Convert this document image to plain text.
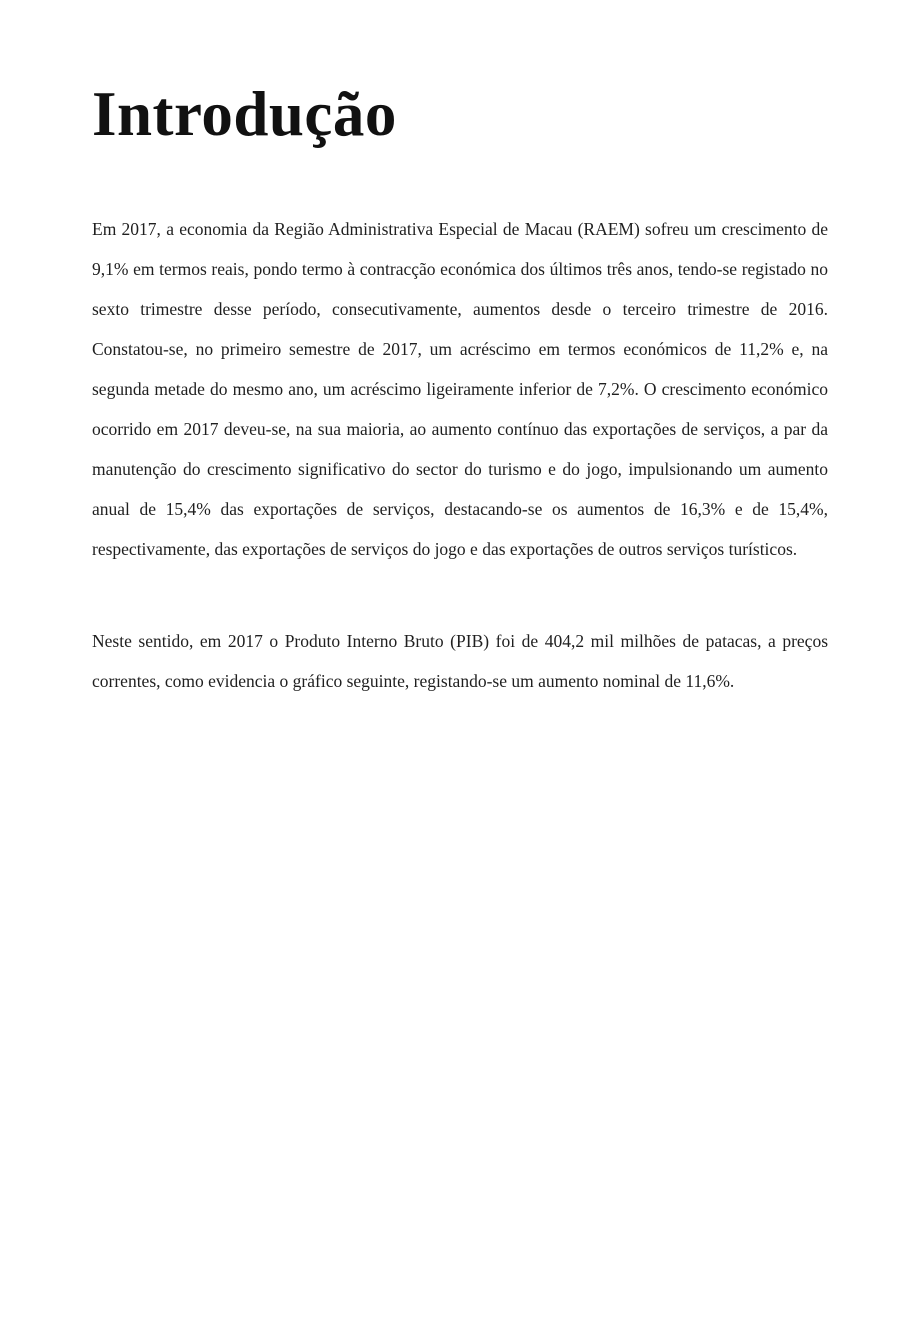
Introdução

Em 2017, a economia da Região Administrativa Especial de Macau (RAEM) sofreu um crescimento de 9,1% em termos reais, pondo termo à contracção económica dos últimos três anos, tendo-se registado no sexto trimestre desse período, consecutivamente, aumentos desde o terceiro trimestre de 2016. Constatou-se, no primeiro semestre de 2017, um acréscimo em termos económicos de 11,2% e, na segunda metade do mesmo ano, um acréscimo ligeiramente inferior de 7,2%. O crescimento económico ocorrido em 2017 deveu-se, na sua maioria, ao aumento contínuo das exportações de serviços, a par da manutenção do crescimento significativo do sector do turismo e do jogo, impulsionando um aumento anual de 15,4% das exportações de serviços, destacando-se os aumentos de 16,3% e de 15,4%, respectivamente, das exportações de serviços do jogo e das exportações de outros serviços turísticos.

Neste sentido, em 2017 o Produto Interno Bruto (PIB) foi de 404,2 mil milhões de patacas, a preços correntes, como evidencia o gráfico seguinte, registando-se um aumento nominal de 11,6%.
